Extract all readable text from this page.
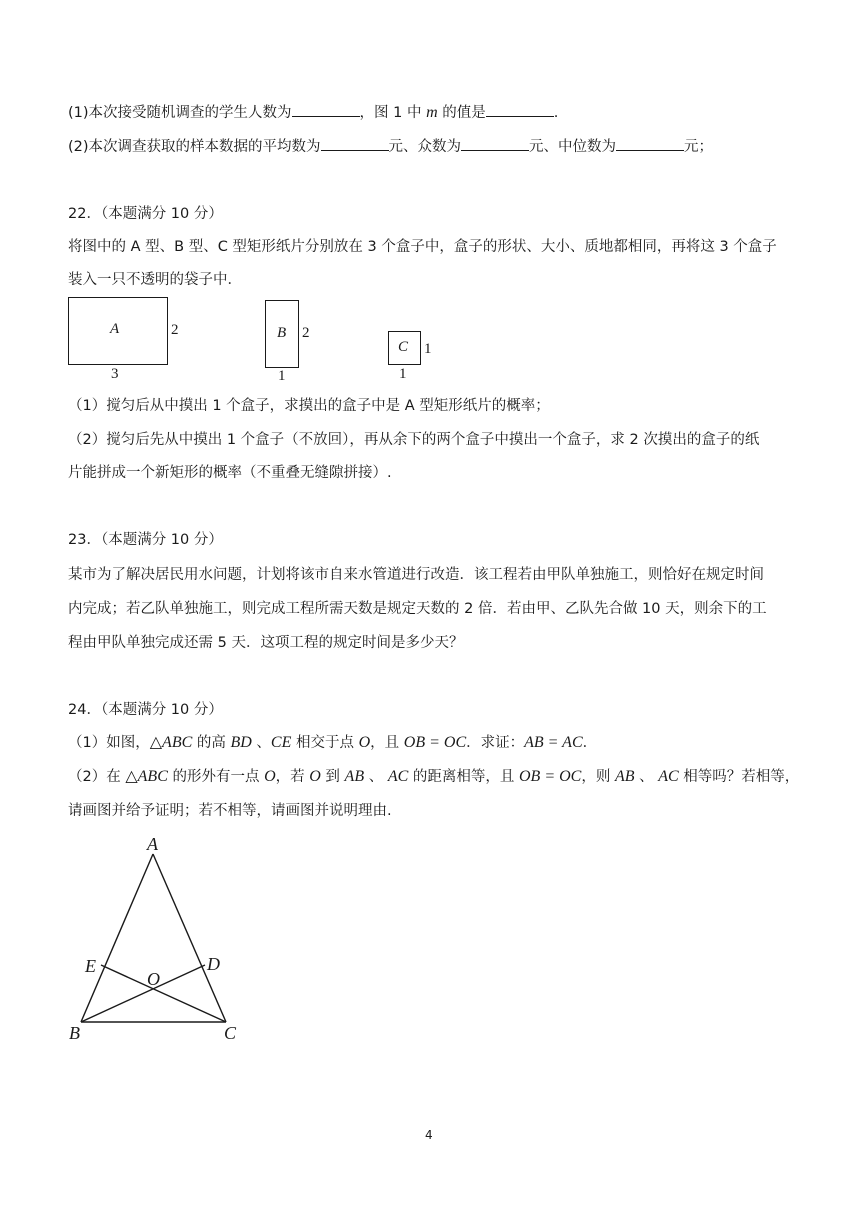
(1)本次接受随机调查的学生人数为	，图 1 中 m 的值是	.
(2)本次调查获取的样本数据的平均数为	元、众数为	元、中位数为	元；
22．（本题满分 10 分）
将图中的 A 型、B 型、C 型矩形纸片分别放在 3 个盒子中，盒子的形状、大小、质地都相同，再将这 3 个盒子
装入一只不透明的袋子中．
A	2
3
B 2
1
C 1
1
（1）搅匀后从中摸出 1 个盒子，求摸出的盒子中是 A 型矩形纸片的概率；
（2）搅匀后先从中摸出 1 个盒子（不放回），再从余下的两个盒子中摸出一个盒子，求 2 次摸出的盒子的纸
片能拼成一个新矩形的概率（不重叠无缝隙拼接）.
23．（本题满分 10 分）
某市为了解决居民用水问题，计划将该市自来水管道进行改造．该工程若由甲队单独施工，则恰好在规定时间
内完成；若乙队单独施工，则完成工程所需天数是规定天数的 2 倍．若由甲、乙队先合做 10 天，则余下的工
程由甲队单独完成还需 5 天．这项工程的规定时间是多少天？
24．（本题满分 10 分）
（1）如图，△ABC 的高 BD 、CE 相交于点 O，且 OB = OC．求证：AB = AC．
（2）在 △ABC 的形外有一点 O，若 O 到 AB 、 AC 的距离相等，且 OB = OC，则 AB 、 AC 相等吗？若相等，
请画图并给予证明；若不相等，请画图并说明理由.
A
B	C
D
E
O
4
